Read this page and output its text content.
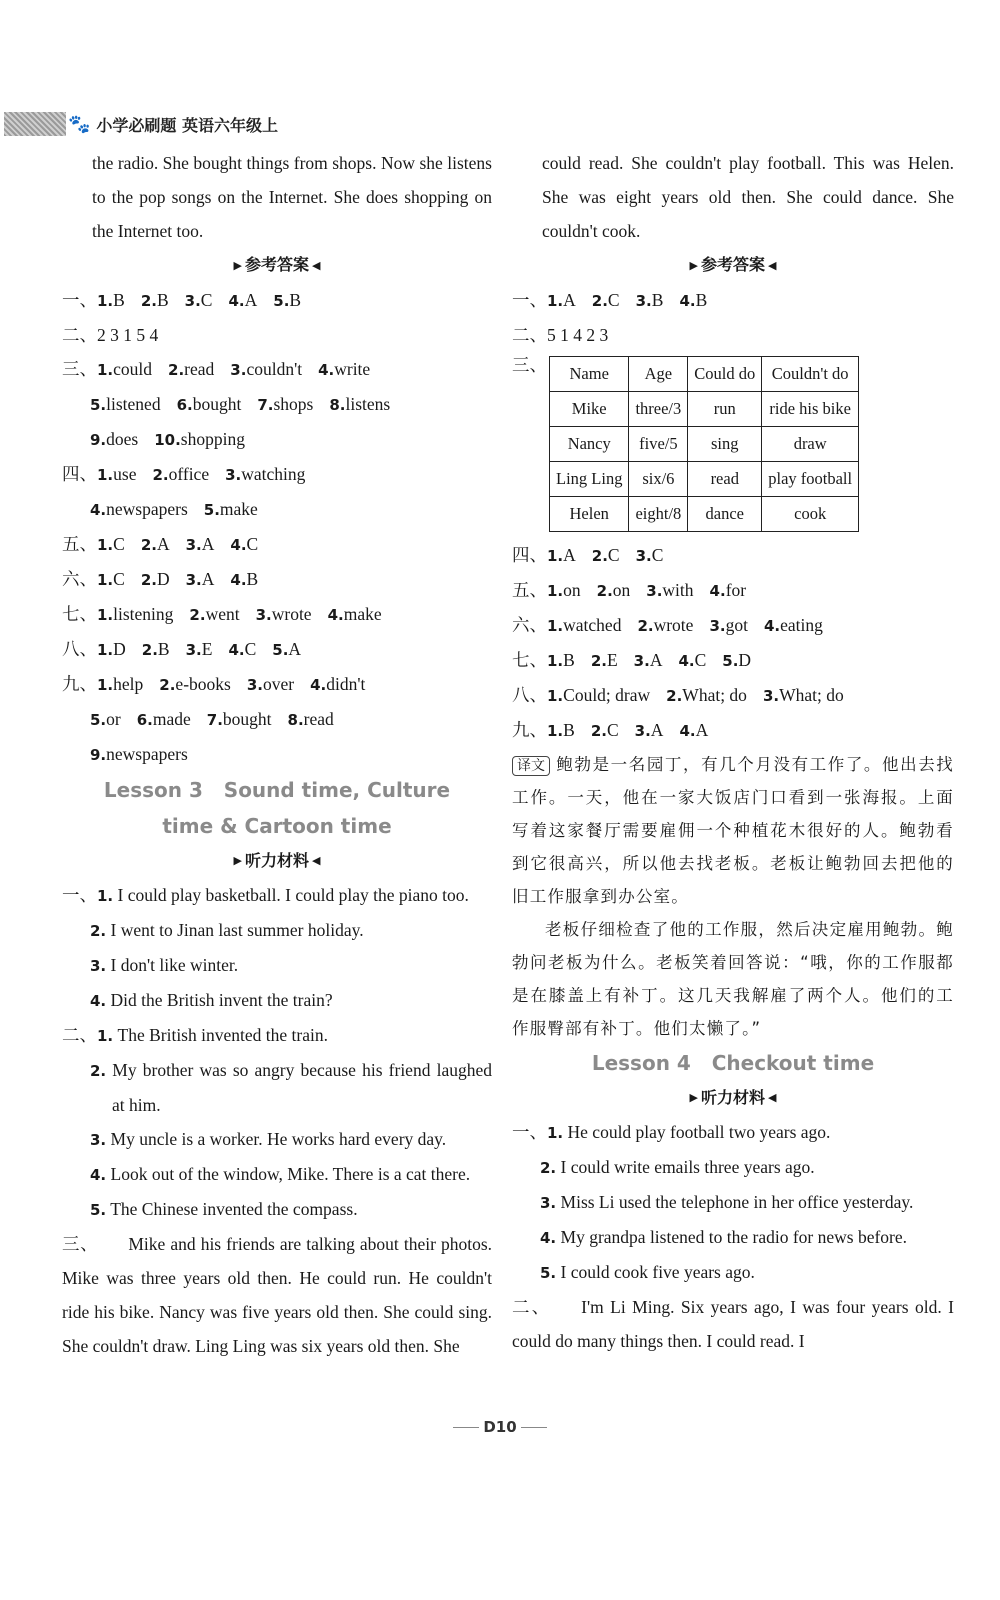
🐾 小学必刷题 英语六年级上
the radio. She bought things from shops. Now she listens to the pop songs on the Internet. She does shopping on the Internet too.
▶ 参考答案 ◀
一、1.B 2.B 3.C 4.A 5.B
二、2 3 1 5 4
三、1.could 2.read 3.couldn't 4.write
5.listened 6.bought 7.shops 8.listens
9.does 10.shopping
四、1.use 2.office 3.watching
4.newspapers 5.make
五、1.C 2.A 3.A 4.C
六、1.C 2.D 3.A 4.B
七、1.listening 2.went 3.wrote 4.make
八、1.D 2.B 3.E 4.C 5.A
九、1.help 2.e-books 3.over 4.didn't
5.or 6.made 7.bought 8.read
9.newspapers
Lesson 3   Sound time, Culture
time & Cartoon time
▶ 听力材料 ◀
一、1. I could play basketball. I could play the piano too.
2. I went to Jinan last summer holiday.
3. I don't like winter.
4. Did the British invent the train?
二、1. The British invented the train.
2. My brother was so angry because his friend laughed at him.
3. My uncle is a worker. He works hard every day.
4. Look out of the window, Mike. There is a cat there.
5. The Chinese invented the compass.
三、 Mike and his friends are talking about their photos. Mike was three years old then. He could run. He couldn't ride his bike. Nancy was five years old then. She could sing. She couldn't draw. Ling Ling was six years old then. She
could read. She couldn't play football. This was Helen. She was eight years old then. She could dance. She couldn't cook.
▶ 参考答案 ◀
一、1.A 2.C 3.B 4.B
二、5 1 4 2 3
三、 Name	Age	Could do	Couldn't do
Mike	three/3	run	ride his bike
Nancy	five/5	sing	draw
Ling Ling	six/6	read	play football
Helen	eight/8	dance	cook
四、1.A 2.C 3.C
五、1.on 2.on 3.with 4.for
六、1.watched 2.wrote 3.got 4.eating
七、1.B 2.E 3.A 4.C 5.D
八、1.Could; draw 2.What; do 3.What; do
九、1.B 2.C 3.A 4.A
译文 鲍勃是一名园丁，有几个月没有工作了。他出去找工作。一天，他在一家大饭店门口看到一张海报。上面写着这家餐厅需要雇佣一个种植花木很好的人。鲍勃看到它很高兴，所以他去找老板。老板让鲍勃回去把他的旧工作服拿到办公室。
老板仔细检查了他的工作服，然后决定雇用鲍勃。鲍勃问老板为什么。老板笑着回答说：“哦，你的工作服都是在膝盖上有补丁。这几天我解雇了两个人。他们的工作服臀部有补丁。他们太懒了。”
Lesson 4   Checkout time
▶ 听力材料 ◀
一、1. He could play football two years ago.
2. I could write emails three years ago.
3. Miss Li used the telephone in her office yesterday.
4. My grandpa listened to the radio for news before.
5. I could cook five years ago.
二、 I'm Li Ming. Six years ago, I was four years old. I could do many things then. I could read. I
D10
